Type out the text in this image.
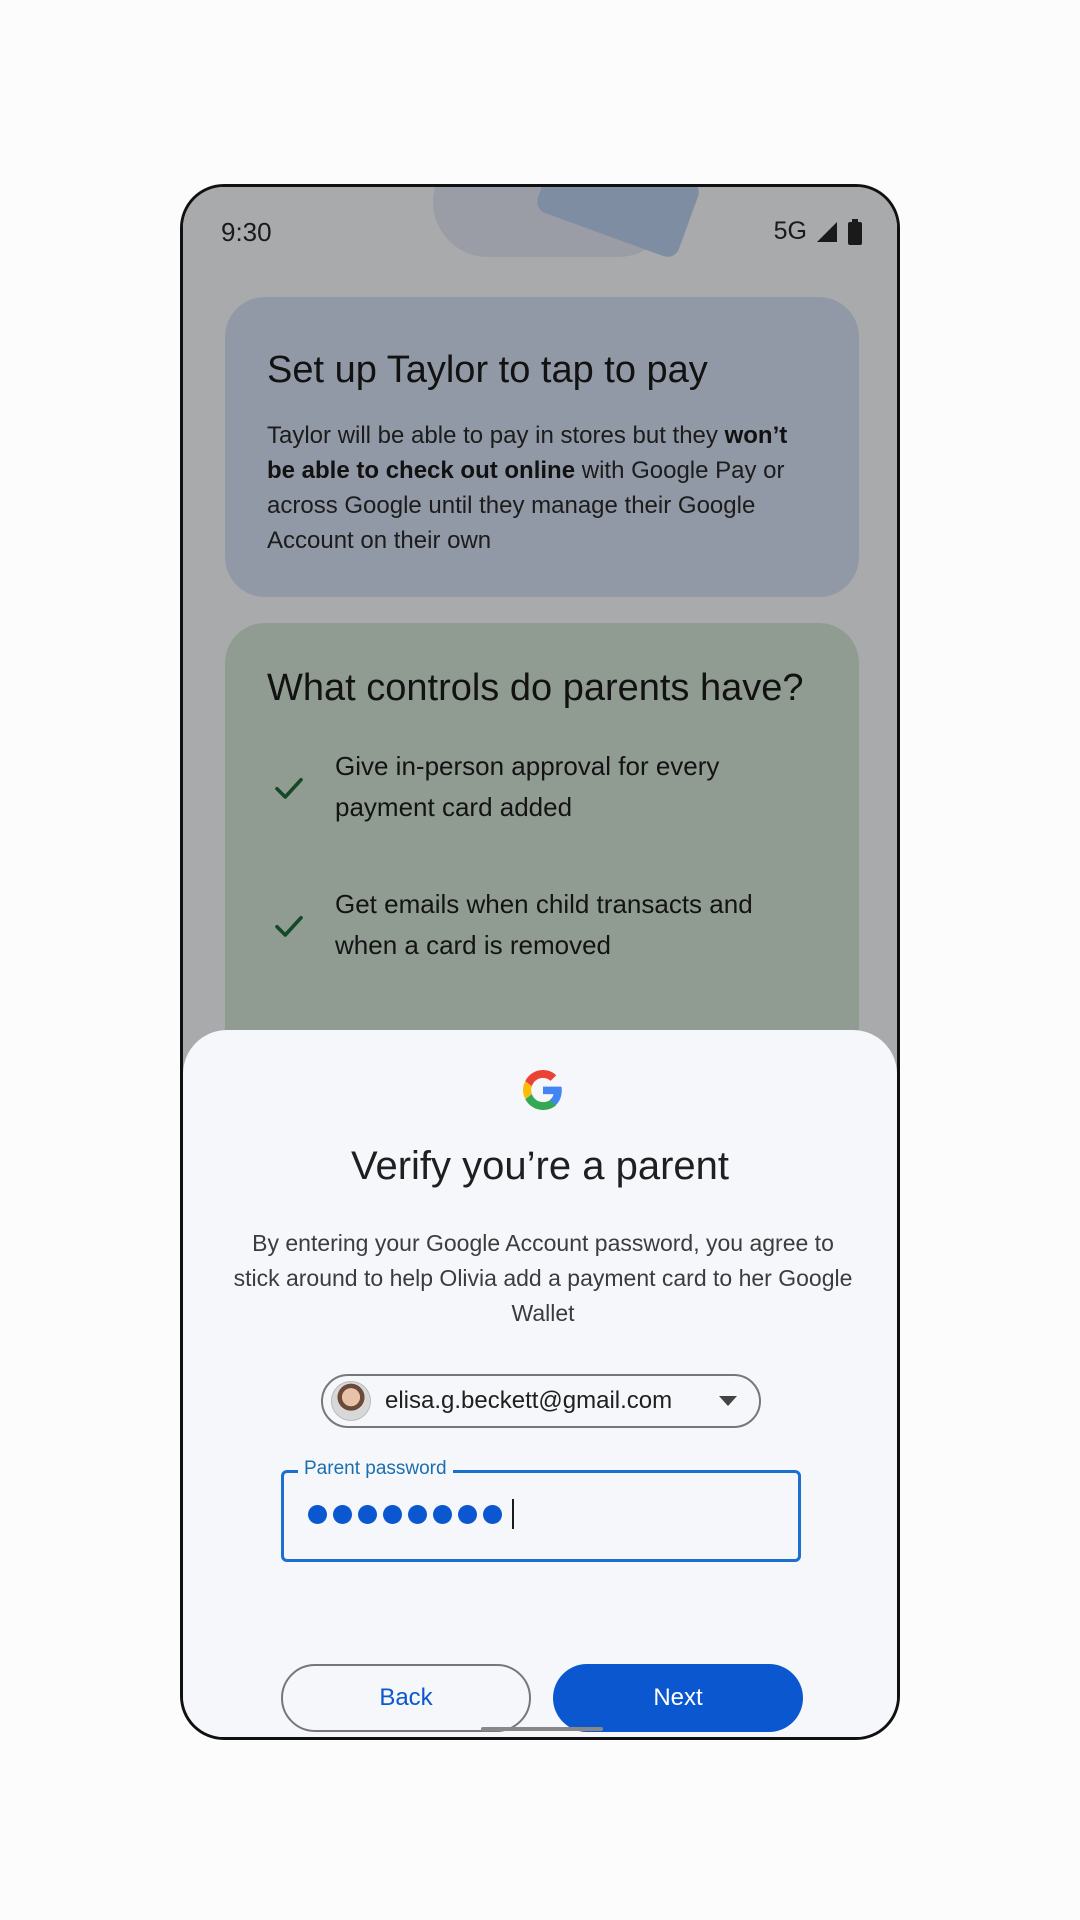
Set up Taylor to tap to pay

Taylor will be able to pay in stores but they won’t be able to check out online with Google Pay or across Google until they manage their Google Account on their own

What controls do parents have?
Give in-person approval for every payment card added
Get emails when child transacts and when a card is removed
9:30	5G
Verify you’re a parent
By entering your Google Account password, you agree to stick around to help Olivia add a payment card to her Google Wallet
elisa.g.beckett@gmail.com
Parent password
Back	Next
